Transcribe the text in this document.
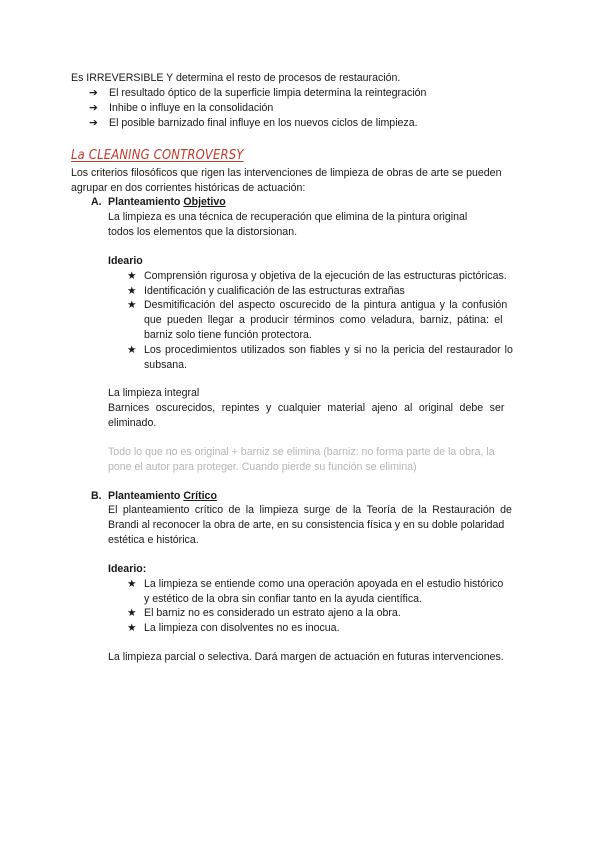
Es IRREVERSIBLE Y determina el resto de procesos de restauración.
➔ El resultado óptico de la superficie limpia determina la reintegración
➔ Inhibe o influye en la consolidación
➔ El posible barnizado final influye en los nuevos ciclos de limpieza.
La CLEANING CONTROVERSY
Los criterios filosóficos que rigen las intervenciones de limpieza de obras de arte se pueden
agrupar en dos corrientes históricas de actuación:
A. Planteamiento Objetivo
La limpieza es una técnica de recuperación que elimina de la pintura original
todos los elementos que la distorsionan.
Ideario
★ Comprensión rigurosa y objetiva de la ejecución de las estructuras pictóricas.
★ Identificación y cualificación de las estructuras extrañas
★ Desmitificación del aspecto oscurecido de la pintura antigua y la confusión
que pueden llegar a producir términos como veladura, barniz, pátina: el
barniz solo tiene función protectora.
★ Los procedimientos utilizados son fiables y si no la pericia del restaurador lo
subsana.
La limpieza integral
Barnices oscurecidos, repintes y cualquier material ajeno al original debe ser
eliminado.
Todo lo que no es original + barniz se elimina (barniz: no forma parte de la obra, la
pone el autor para proteger. Cuando pierde su función se elimina)
B. Planteamiento Crítico
El planteamiento crítico de la limpieza surge de la Teoría de la Restauración de
Brandi al reconocer la obra de arte, en su consistencia física y en su doble polaridad
estética e histórica.
Ideario:
★ La limpieza se entiende como una operación apoyada en el estudio histórico
y estético de la obra sin confiar tanto en la ayuda científica.
★ El barniz no es considerado un estrato ajeno a la obra.
★ La limpieza con disolventes no es inocua.
La limpieza parcial o selectiva. Dará margen de actuación en futuras intervenciones.
